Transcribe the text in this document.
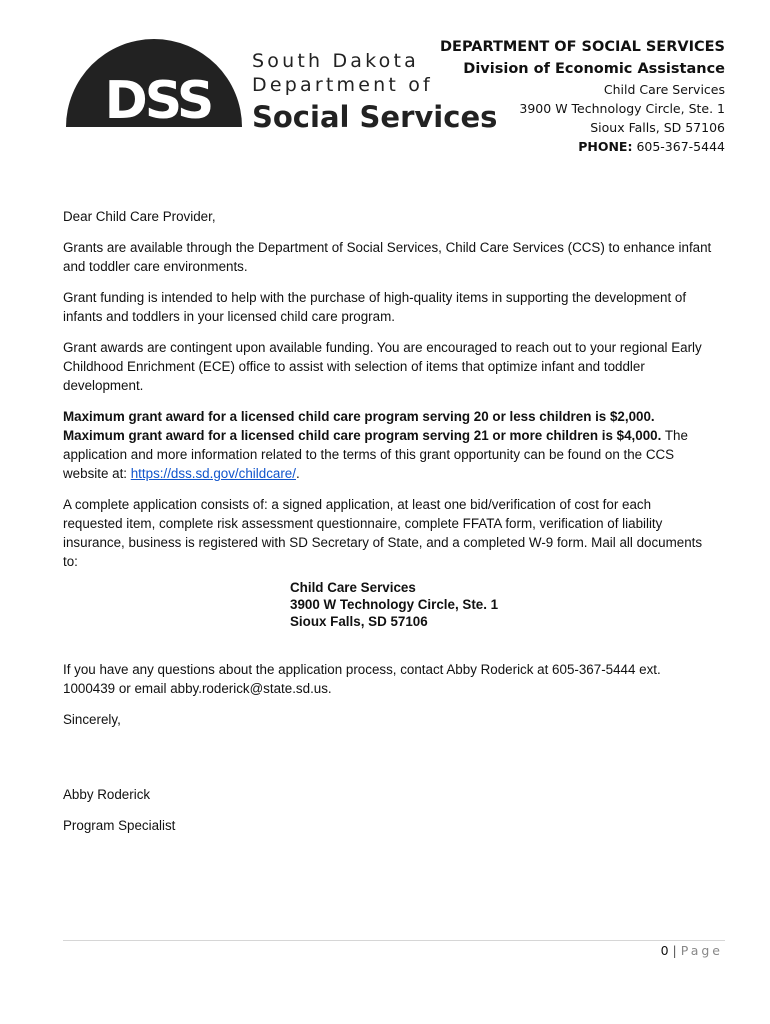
DSS
South Dakota
Department of
Social Services
DEPARTMENT OF SOCIAL SERVICES
Division of Economic Assistance
Child Care Services
3900 W Technology Circle, Ste. 1
Sioux Falls, SD 57106
PHONE: 605-367-5444

Dear Child Care Provider,

Grants are available through the Department of Social Services, Child Care Services (CCS) to enhance infant and toddler care environments.

Grant funding is intended to help with the purchase of high-quality items in supporting the development of infants and toddlers in your licensed child care program.

Grant awards are contingent upon available funding. You are encouraged to reach out to your regional Early Childhood Enrichment (ECE) office to assist with selection of items that optimize infant and toddler development.

Maximum grant award for a licensed child care program serving 20 or less children is $2,000.
Maximum grant award for a licensed child care program serving 21 or more children is $4,000. The application and more information related to the terms of this grant opportunity can be found on the CCS website at: https://dss.sd.gov/childcare/.

A complete application consists of: a signed application, at least one bid/verification of cost for each requested item, complete risk assessment questionnaire, complete FFATA form, verification of liability insurance, business is registered with SD Secretary of State, and a completed W-9 form. Mail all documents to:

Child Care Services
3900 W Technology Circle, Ste. 1
Sioux Falls, SD 57106

If you have any questions about the application process, contact Abby Roderick at 605-367-5444 ext. 1000439 or email abby.roderick@state.sd.us.

Sincerely,

Abby Roderick

Program Specialist

0 | Page
